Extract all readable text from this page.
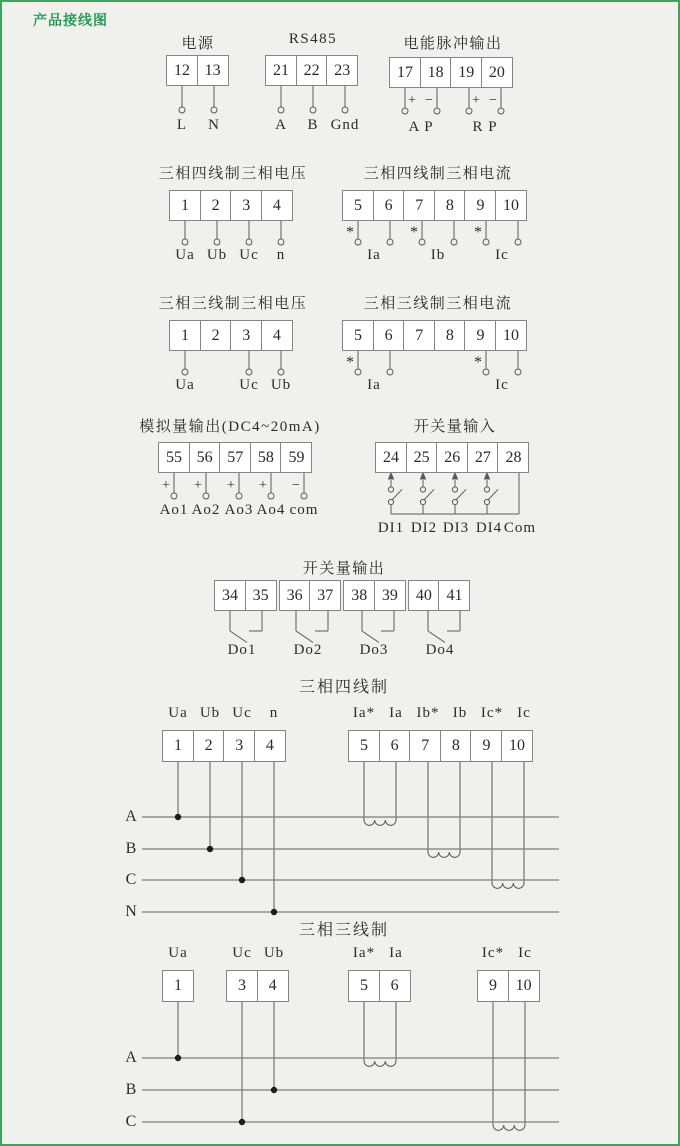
产品接线图
电源
12 13
L N
RS485
21 22 23
A B Gnd
电能脉冲输出
17 18 19 20
+ −	+ −
A P	R P
三相四线制三相电压
1	2	3	4
Ua Ub Uc n
三相四线制三相电流
5	6	7	8	9	10
*	*	*
Ia	Ib	Ic
三相三线制三相电压
1	2	3	4
Ua	Uc Ub
三相三线制三相电流
5	6	7	8	9	10
*	*
Ia	Ic
模拟量输出(DC4~20mA)
55 56 57 58 59
+ + + + −
Ao1 Ao2 Ao3 Ao4 com
开关量输入
24 25 26 27 28
DI1 DI2 DI3 DI4 Com
开关量输出
34 35	36 37	38 39	40 41
Do1 Do2 Do3 Do4
三相四线制
Ua Ub Uc n	Ia* Ia Ib* Ib Ic* Ic
1	2	3	4	5	6	7	8	9	10
A
B
C
N
三相三线制
Ua	Uc Ub	Ia* Ia	Ic* Ic
1	3	4	5	6	9	10
A
B
C
